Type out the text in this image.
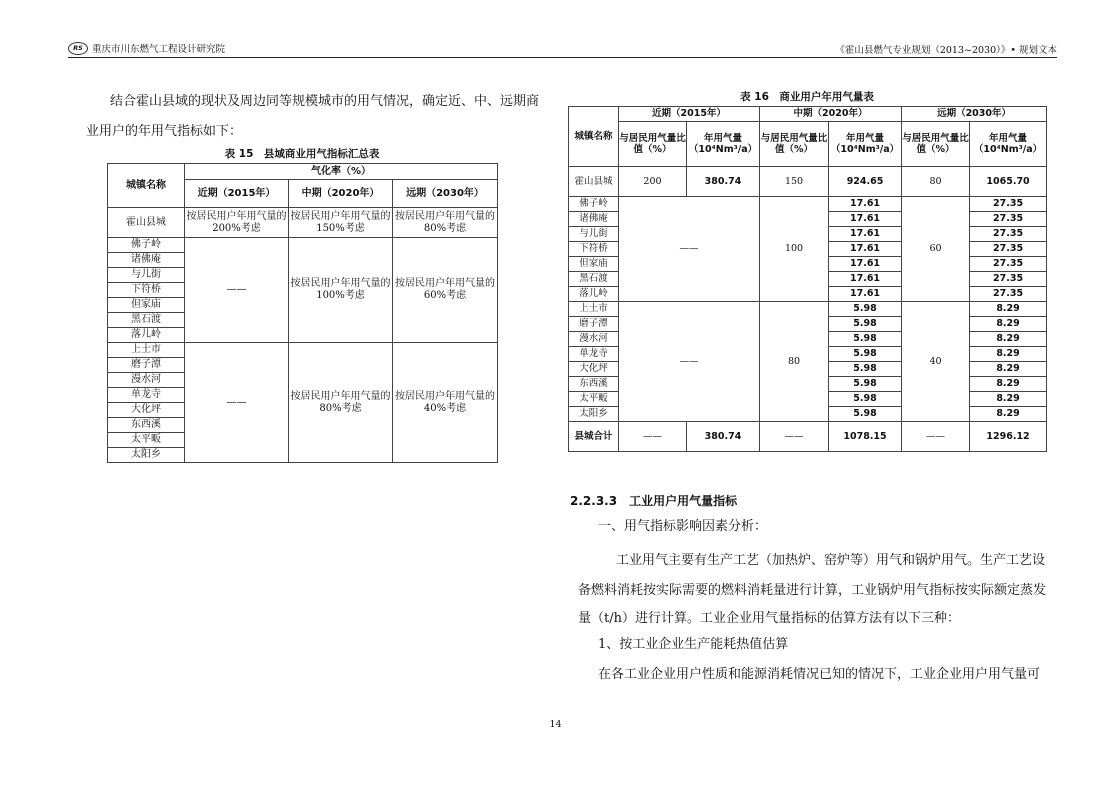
RS 重庆市川东燃气工程设计研究院	《霍山县燃气专业规划（2013~2030）》• 规划文本
结合霍山县域的现状及周边同等规模城市的用气情况，确定近、中、远期商
业用户的年用气指标如下：
表 15　县域商业用气指标汇总表
城镇名称	气化率（%）		
	近期（2015年）	中期（2020年）	远期（2030年）
霍山县城	按居民用户年用气量的 200%考虑	按居民用户年用气量的150%考虑	按居民用户年用气量的80%考虑
佛子岭	——	按居民用户年用气量的100%考虑	按居民用户年用气量的60%考虑
诸佛庵			
与儿街			
下符桥			
但家庙			
黑石渡			
落儿岭			
上土市	——	按居民用户年用气量的80%考虑	按居民用户年用气量的40%考虑
磨子潭			
漫水河			
单龙寺			
大化坪			
东西溪			
太平畈			
太阳乡			
表 16　商业用户年用气量表
城镇名称	近期（2015年）		中期（2020年）		远期（2030年）	
	与居民用气量比值（%）	年用气量（10⁴Nm³/a）	与居民用气量比值（%）	年用气量（10⁴Nm³/a）	与居民用气量比值（%）	年用气量（10⁴Nm³/a）
霍山县城	200	380.74	150	924.65	80	1065.70
佛子岭	——		100	17.61	60	27.35
诸佛庵				17.61		27.35
与儿街				17.61		27.35
下符桥				17.61		27.35
但家庙				17.61		27.35
黑石渡				17.61		27.35
落儿岭				17.61		27.35
上土市	——		80	5.98	40	8.29
磨子潭				5.98		8.29
漫水河				5.98		8.29
单龙寺				5.98		8.29
大化坪				5.98		8.29
东西溪				5.98		8.29
太平畈				5.98		8.29
太阳乡				5.98		8.29
县城合计	——	380.74	——	1078.15	——	1296.12
2.2.3.3　工业用户用气量指标
一、用气指标影响因素分析：
工业用气主要有生产工艺（加热炉、窑炉等）用气和锅炉用气。生产工艺设
备燃料消耗按实际需要的燃料消耗量进行计算，工业锅炉用气指标按实际额定蒸发
量（t/h）进行计算。工业企业用气量指标的估算方法有以下三种：
1、按工业企业生产能耗热值估算
在各工业企业用户性质和能源消耗情况已知的情况下，工业企业用户用气量可
14
